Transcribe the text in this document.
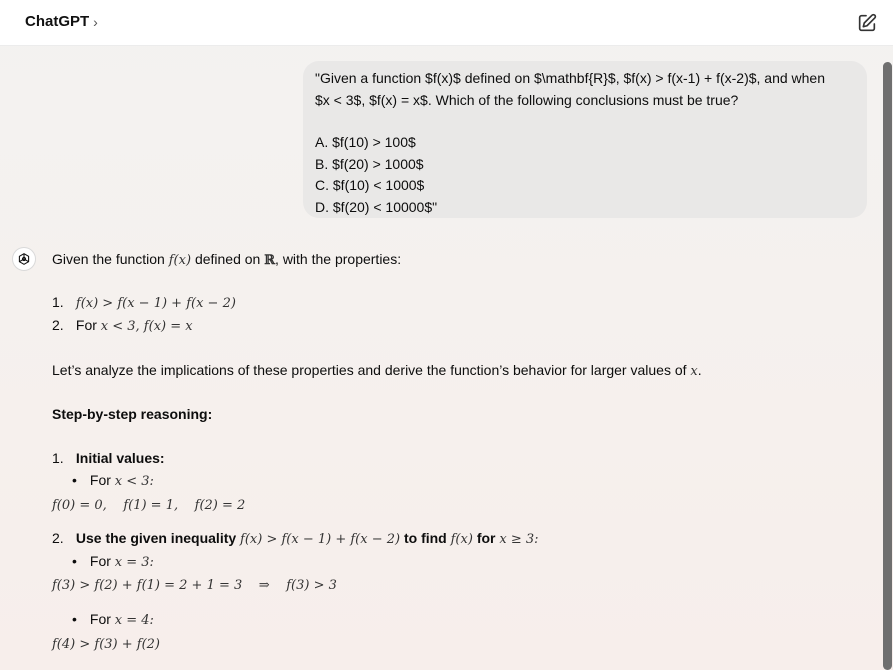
ChatGPT ›

"Given a function $f(x)$ defined on $\mathbf{R}$, $f(x) > f(x-1) + f(x-2)$, and when

$x < 3$, $f(x) = x$. Which of the following conclusions must be true?

A. $f(10) > 100$

B. $f(20) > 1000$

C. $f(10) < 1000$

D. $f(20) < 10000$"

Given the function f(x) defined on ℝ, with the properties:
1. f(x) > f(x − 1) + f(x − 2)
2. For x < 3, f(x) = x
Let’s analyze the implications of these properties and derive the function’s behavior for larger values of x.
Step-by-step reasoning:
1. Initial values:
• For x < 3:
f(0) = 0,    f(1) = 1,    f(2) = 2
2. Use the given inequality f(x) > f(x − 1) + f(x − 2) to find f(x) for x ≥ 3:
• For x = 3:
f(3) > f(2) + f(1) = 2 + 1 = 3    ⇒    f(3) > 3
• For x = 4:
f(4) > f(3) + f(2)
